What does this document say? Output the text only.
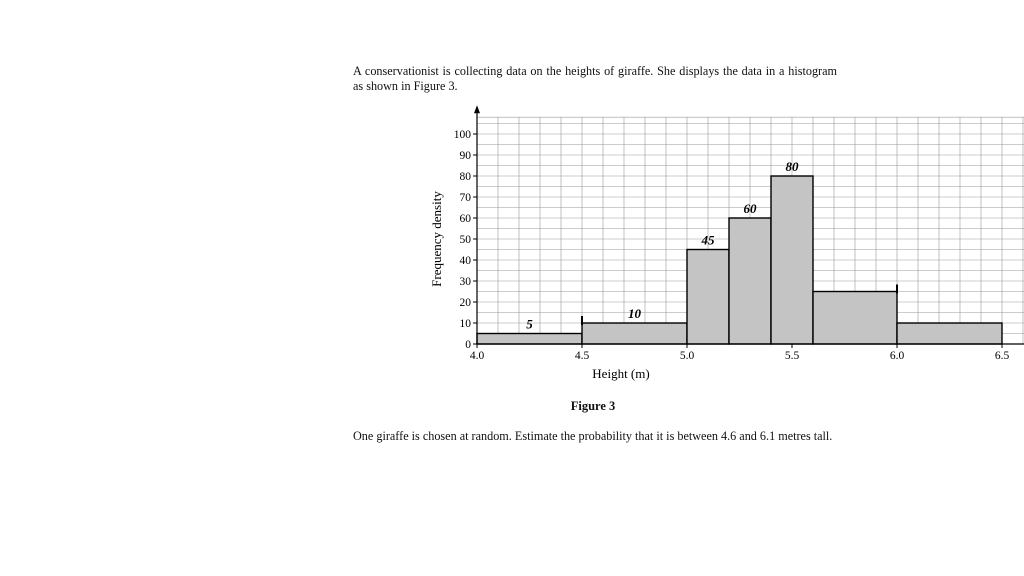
A conservationist is collecting data on the heights of giraffe. She displays the data in a histogram as shown in Figure 3.

4.0	4.5	5.0	5.5	6.0	6.5
0
10
20
30
40
50
60
70
80
90
100
5
10
45
60
80
Height (m)
Frequency density
Figure 3

One giraffe is chosen at random. Estimate the probability that it is between 4.6 and 6.1 metres tall.
